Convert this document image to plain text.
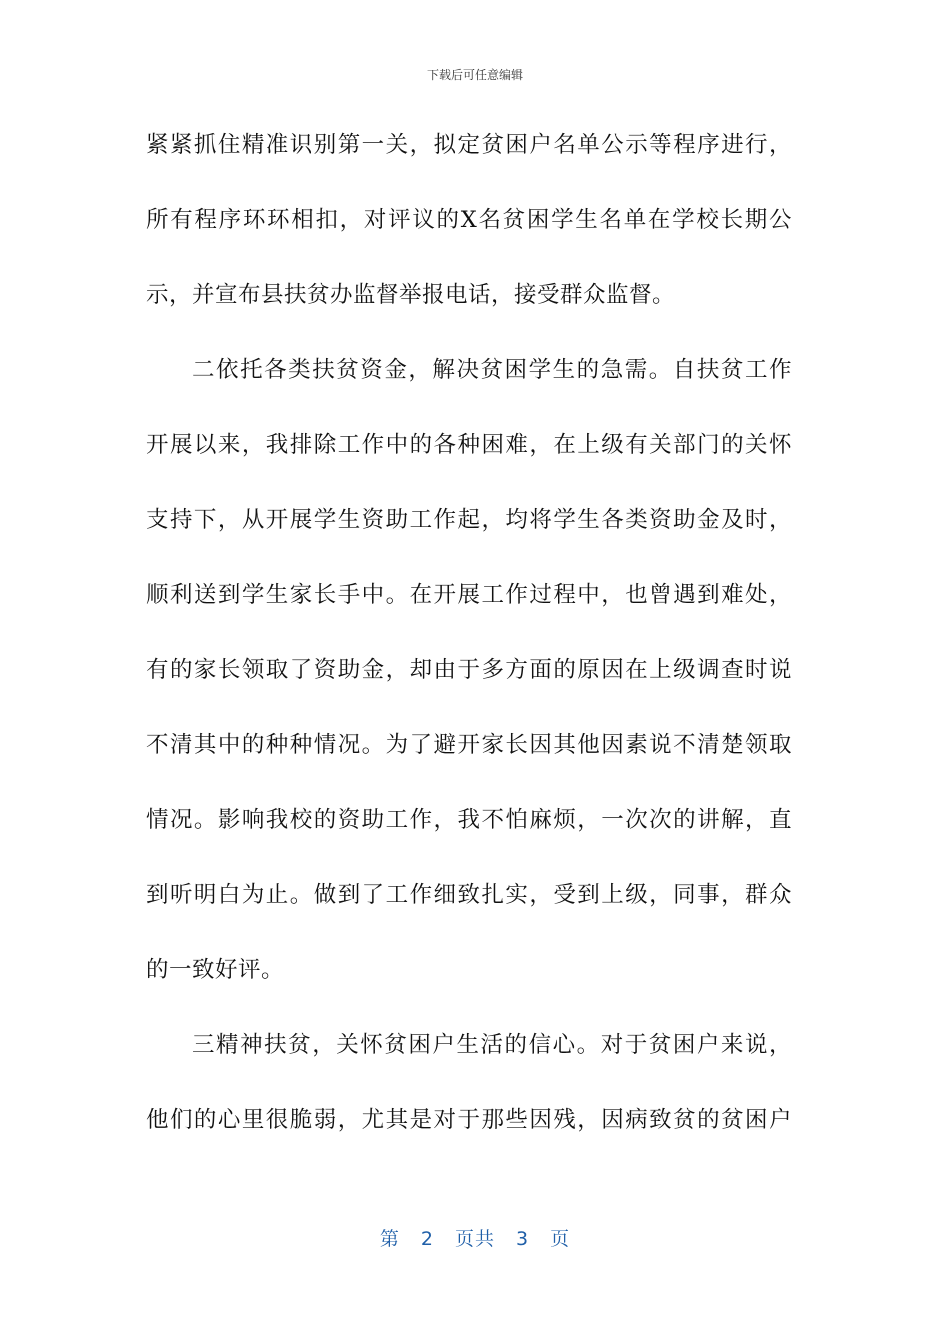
下载后可任意编辑
紧紧抓住精准识别第一关，拟定贫困户名单公示等程序进行，
所有程序环环相扣，对评议的X名贫困学生名单在学校长期公
示，并宣布县扶贫办监督举报电话，接受群众监督。
二依托各类扶贫资金，解决贫困学生的急需。自扶贫工作
开展以来，我排除工作中的各种困难，在上级有关部门的关怀
支持下，从开展学生资助工作起，均将学生各类资助金及时，
顺利送到学生家长手中。在开展工作过程中，也曾遇到难处，
有的家长领取了资助金，却由于多方面的原因在上级调查时说
不清其中的种种情况。为了避开家长因其他因素说不清楚领取
情况。影响我校的资助工作，我不怕麻烦，一次次的讲解，直
到听明白为止。做到了工作细致扎实，受到上级，同事，群众
的一致好评。
三精神扶贫，关怀贫困户生活的信心。对于贫困户来说，
他们的心里很脆弱，尤其是对于那些因残，因病致贫的贫困户
第 2 页共 3 页
